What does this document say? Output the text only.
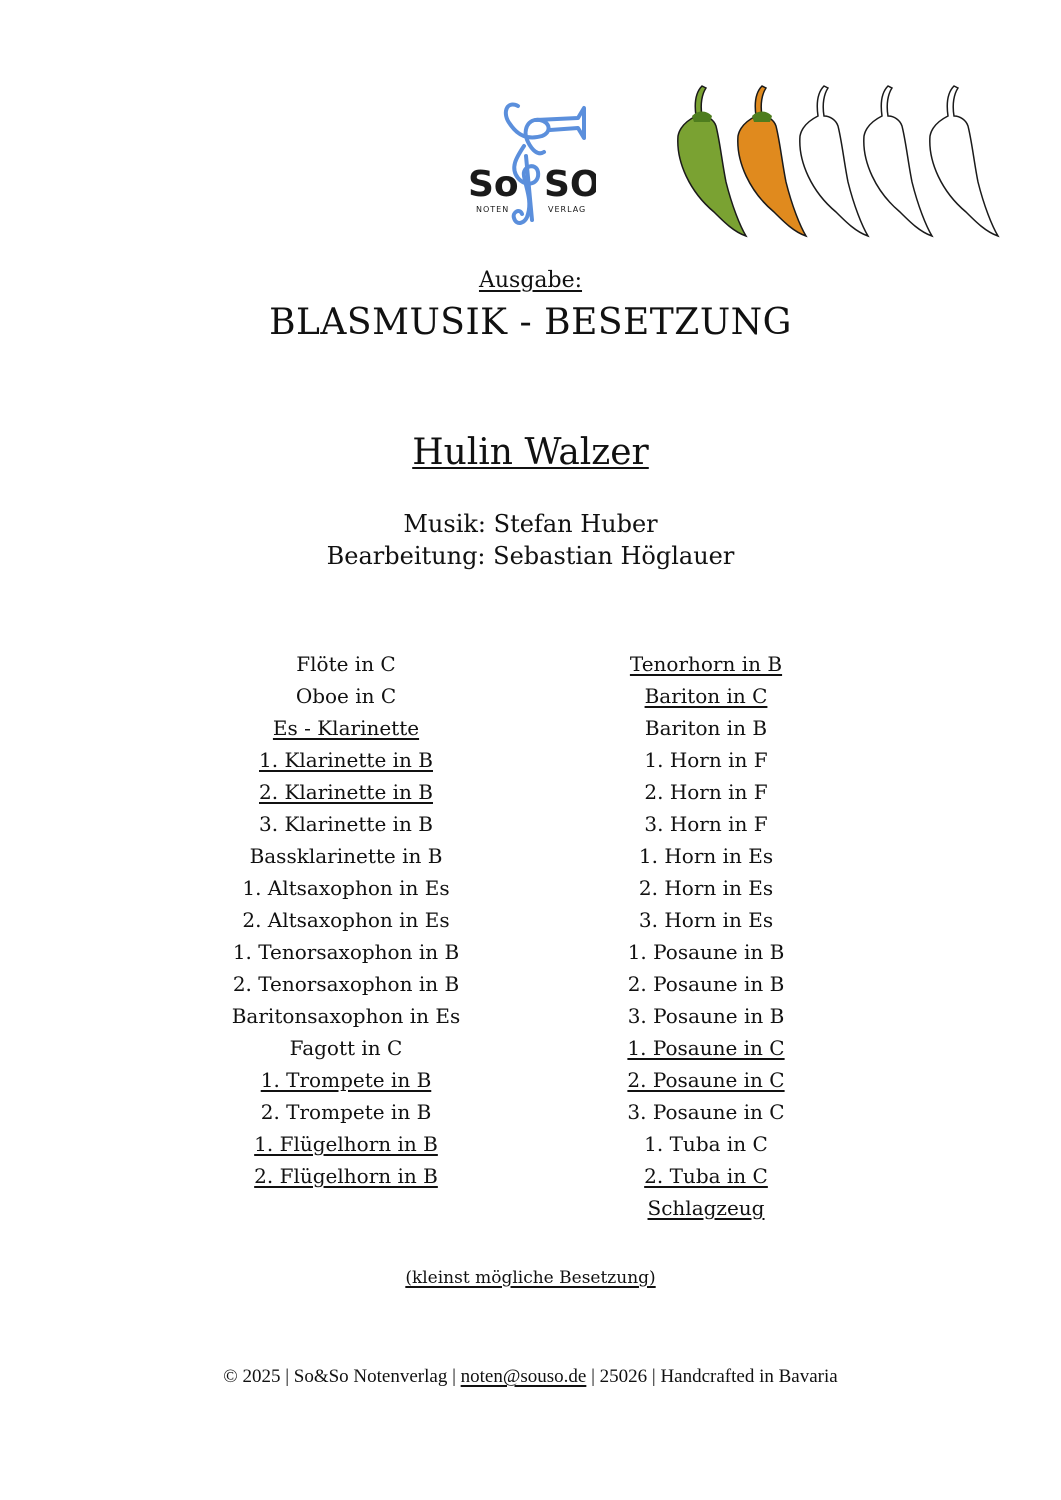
So SO
NOTEN	VERLAG
Ausgabe:
BLASMUSIK - BESETZUNG
Hulin Walzer
Musik: Stefan Huber
Bearbeitung: Sebastian Höglauer
Flöte in C
Oboe in C
Es - Klarinette
1. Klarinette in B
2. Klarinette in B
3. Klarinette in B
Bassklarinette in B
1. Altsaxophon in Es
2. Altsaxophon in Es
1. Tenorsaxophon in B
2. Tenorsaxophon in B
Baritonsaxophon in Es
Fagott in C
1. Trompete in B
2. Trompete in B
1. Flügelhorn in B
2. Flügelhorn in B
Tenorhorn in B
Bariton in C
Bariton in B
1. Horn in F
2. Horn in F
3. Horn in F
1. Horn in Es
2. Horn in Es
3. Horn in Es
1. Posaune in B
2. Posaune in B
3. Posaune in B
1. Posaune in C
2. Posaune in C
3. Posaune in C
1. Tuba in C
2. Tuba in C
Schlagzeug
(kleinst mögliche Besetzung)
© 2025 | So&So Notenverlag | noten@souso.de | 25026 | Handcrafted in Bavaria
